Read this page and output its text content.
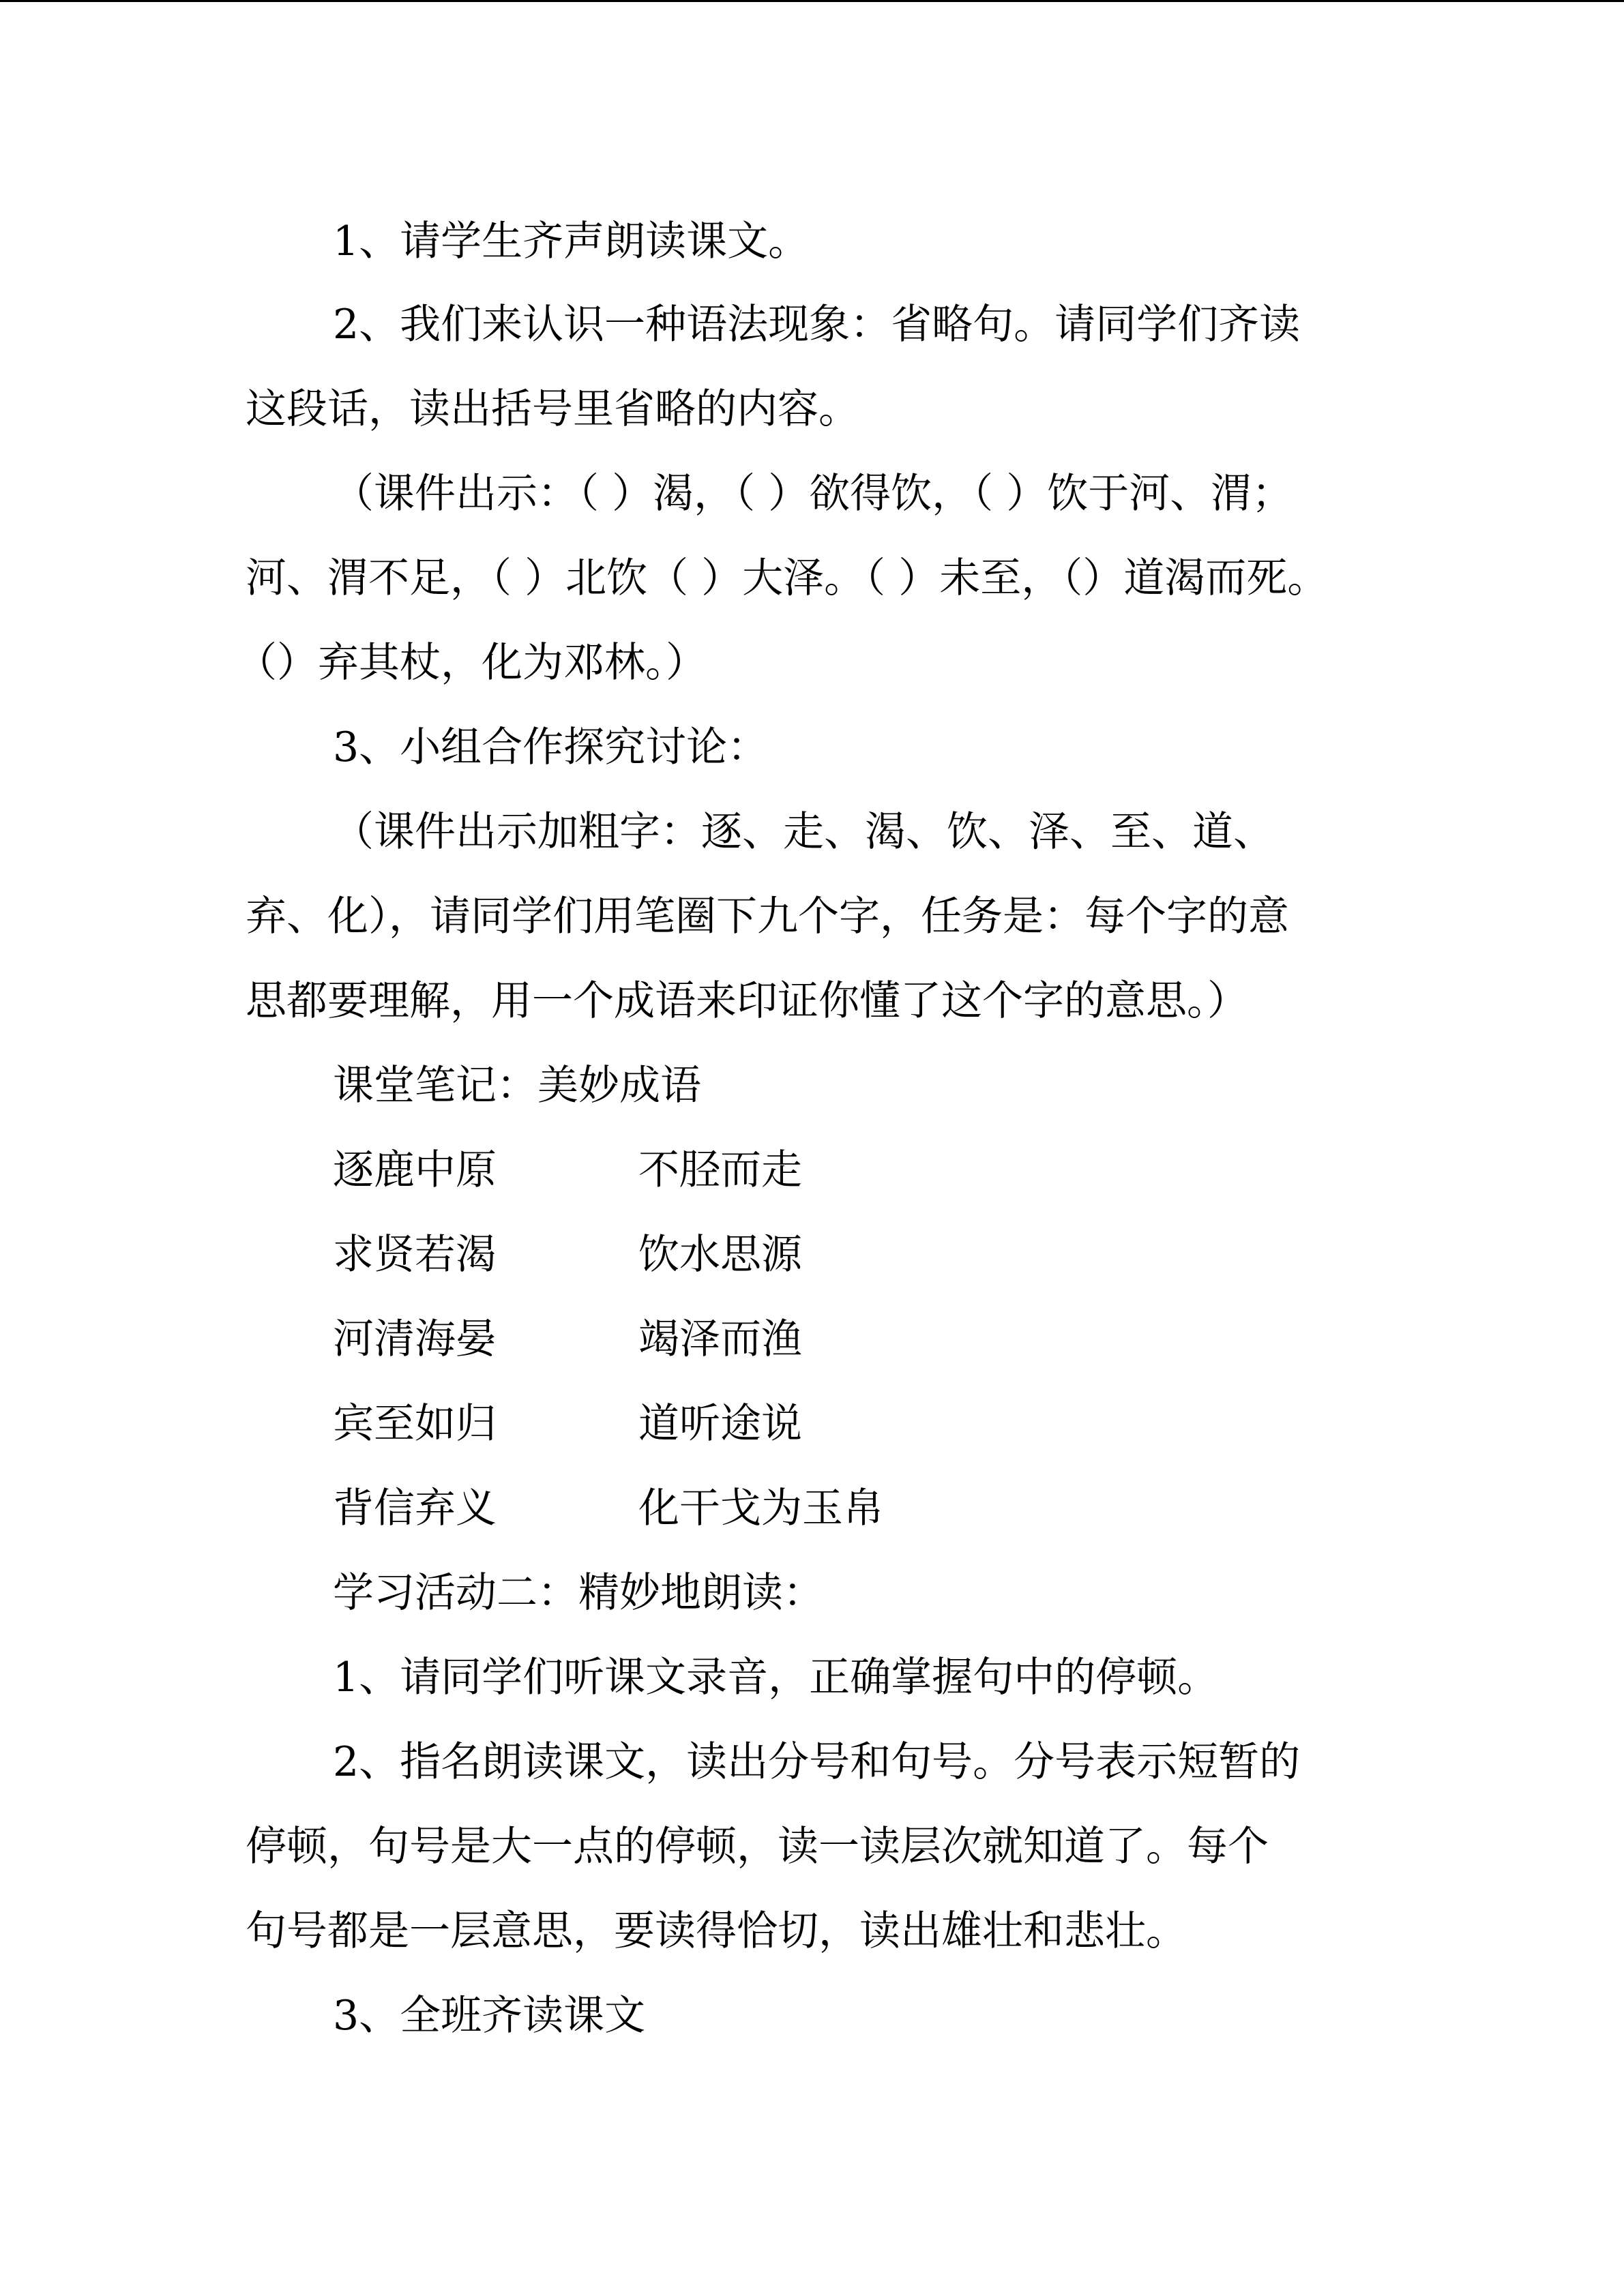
1、请学生齐声朗读课文。
2、我们来认识一种语法现象：省略句。请同学们齐读
这段话，读出括号里省略的内容。
（课件出示：（ ）渴，（ ）欲得饮，（ ）饮于河、渭；
河、渭不足，（ ）北饮（ ）大泽。（ ）未至，（）道渴而死。
（）弃其杖，化为邓林。）
3、小组合作探究讨论：
（课件出示加粗字：逐、走、渴、饮、泽、至、道、
弃、化），请同学们用笔圈下九个字，任务是：每个字的意
思都要理解，用一个成语来印证你懂了这个字的意思。）
课堂笔记：美妙成语
逐鹿中原	不胫而走
求贤若渴	饮水思源
河清海晏	竭泽而渔
宾至如归	道听途说
背信弃义	化干戈为玉帛
学习活动二：精妙地朗读：
1、请同学们听课文录音，正确掌握句中的停顿。
2、指名朗读课文，读出分号和句号。分号表示短暂的
停顿，句号是大一点的停顿，读一读层次就知道了。每个
句号都是一层意思，要读得恰切，读出雄壮和悲壮。
3、全班齐读课文
